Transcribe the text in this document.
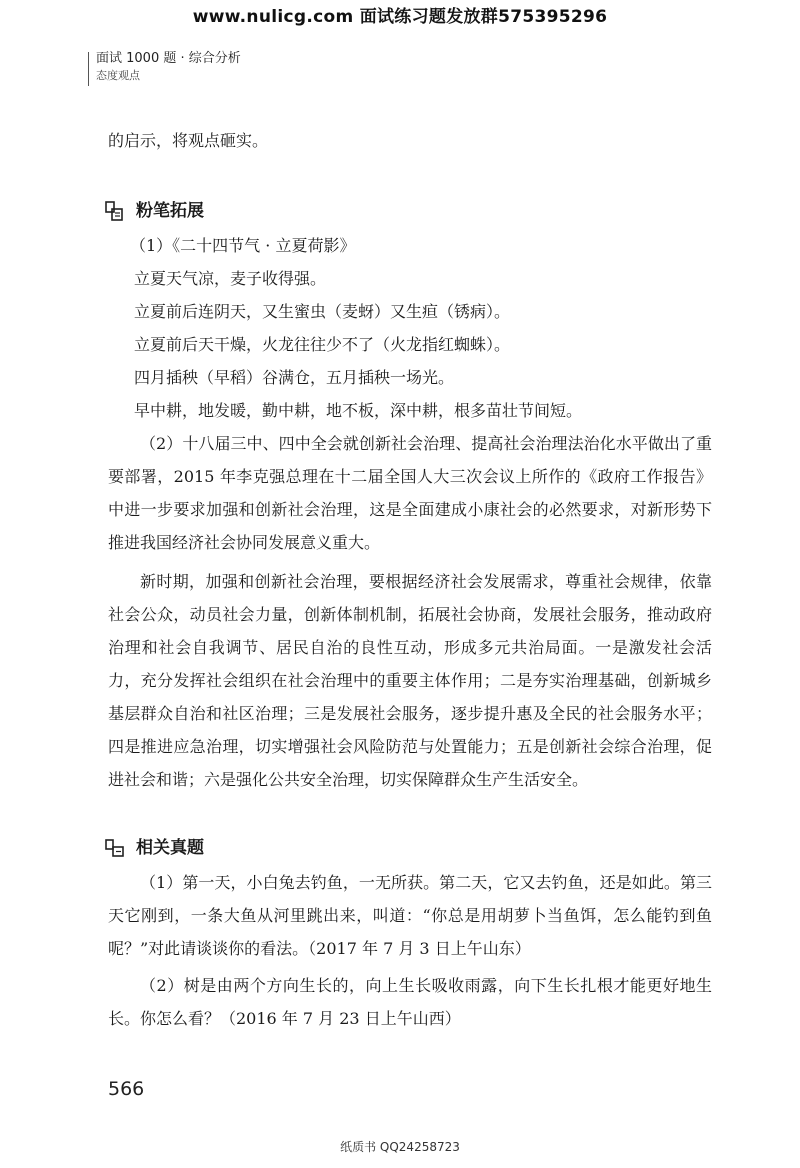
www.nulicg.com 面试练习题发放群575395296
面试 1000 题 · 综合分析
态度观点

的启示，将观点砸实。

粉笔拓展

（1）《二十四节气 · 立夏荷影》

立夏天气凉，麦子收得强。

立夏前后连阴天，又生蜜虫（麦蚜）又生疸（锈病）。

立夏前后天干燥，火龙往往少不了（火龙指红蜘蛛）。

四月插秧（早稻）谷满仓，五月插秧一场光。

早中耕，地发暖，勤中耕，地不板，深中耕，根多苗壮节间短。

（2）十八届三中、四中全会就创新社会治理、提高社会治理法治化水平做出了重要部署，2015 年李克强总理在十二届全国人大三次会议上所作的《政府工作报告》中进一步要求加强和创新社会治理，这是全面建成小康社会的必然要求，对新形势下推进我国经济社会协同发展意义重大。

新时期，加强和创新社会治理，要根据经济社会发展需求，尊重社会规律，依靠社会公众，动员社会力量，创新体制机制，拓展社会协商，发展社会服务，推动政府治理和社会自我调节、居民自治的良性互动，形成多元共治局面。一是激发社会活力，充分发挥社会组织在社会治理中的重要主体作用；二是夯实治理基础，创新城乡基层群众自治和社区治理；三是发展社会服务，逐步提升惠及全民的社会服务水平；四是推进应急治理，切实增强社会风险防范与处置能力；五是创新社会综合治理，促进社会和谐；六是强化公共安全治理，切实保障群众生产生活安全。

相关真题

（1）第一天，小白兔去钓鱼，一无所获。第二天，它又去钓鱼，还是如此。第三天它刚到，一条大鱼从河里跳出来，叫道：“你总是用胡萝卜当鱼饵，怎么能钓到鱼呢？”对此请谈谈你的看法。（2017 年 7 月 3 日上午山东）

（2）树是由两个方向生长的，向上生长吸收雨露，向下生长扎根才能更好地生长。你怎么看？（2016 年 7 月 23 日上午山西）

566
纸质书 QQ24258723
